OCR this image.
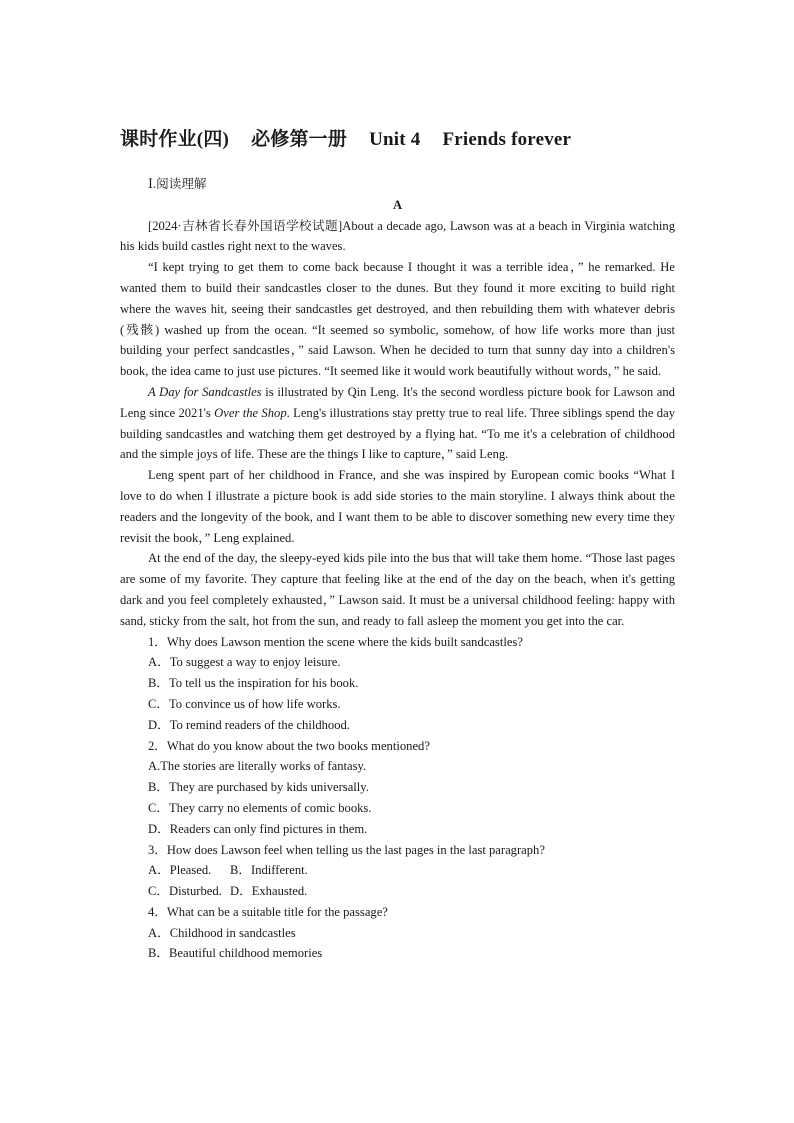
课时作业(四) 必修第一册 Unit 4 Friends forever
Ⅰ.阅读理解
A

[2024·吉林省长春外国语学校试题]About a decade ago, Lawson was at a beach in Virginia watching his kids build castles right next to the waves.

“I kept trying to get them to come back because I thought it was a terrible idea，” he remarked. He wanted them to build their sandcastles closer to the dunes. But they found it more exciting to build right where the waves hit, seeing their sandcastles get destroyed, and then rebuilding them with whatever debris (残骸) washed up from the ocean. “It seemed so symbolic, somehow, of how life works more than just building your perfect sandcastles，” said Lawson. When he decided to turn that sunny day into a children's book, the idea came to just use pictures. “It seemed like it would work beautifully without words，” he said.

A Day for Sandcastles is illustrated by Qin Leng. It's the second wordless picture book for Lawson and Leng since 2021's Over the Shop. Leng's illustrations stay pretty true to real life. Three siblings spend the day building sandcastles and watching them get destroyed by a flying hat. “To me it's a celebration of childhood and the simple joys of life. These are the things I like to capture，” said Leng.

Leng spent part of her childhood in France, and she was inspired by European comic books “What I love to do when I illustrate a picture book is add side stories to the main storyline. I always think about the readers and the longevity of the book, and I want them to be able to discover something new every time they revisit the book，” Leng explained.

At the end of the day, the sleepy-eyed kids pile into the bus that will take them home. “Those last pages are some of my favorite. They capture that feeling like at the end of the day on the beach, when it's getting dark and you feel completely exhausted，” Lawson said. It must be a universal childhood feeling: happy with sand, sticky from the salt, hot from the sun, and ready to fall asleep the moment you get into the car.

1．Why does Lawson mention the scene where the kids built sandcastles?

A．To suggest a way to enjoy leisure.

B．To tell us the inspiration for his book.

C．To convince us of how life works.

D．To remind readers of the childhood.

2．What do you know about the two books mentioned?

A.The stories are literally works of fantasy.

B．They are purchased by kids universally.

C．They carry no elements of comic books.

D．Readers can only find pictures in them.

3．How does Lawson feel when telling us the last pages in the last paragraph?

A．Pleased. B．Indifferent.

C．Disturbed. D．Exhausted.

4．What can be a suitable title for the passage?

A．Childhood in sandcastles

B．Beautiful childhood memories
